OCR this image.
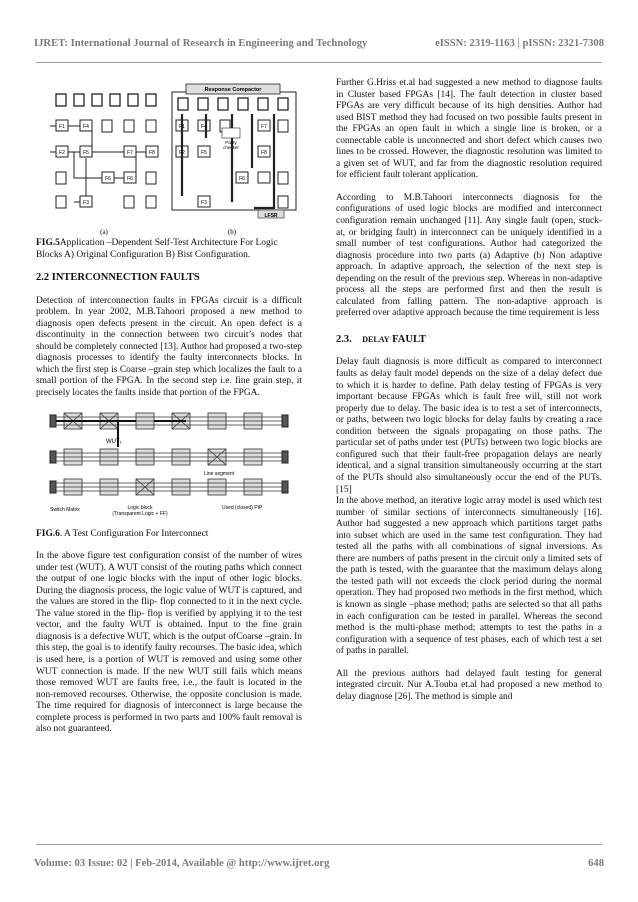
IJRET: International Journal of Research in Engineering and Technology	eISSN: 2319-1163 | pISSN: 2321-7308
F1	F4
F2	F5	F7	F8
F6	F6
F3
Response Compactor
Parity
checker
LFSR
F1	F4	F7
F2	F5	F8
F6
F3
(a)	(b)

FIG.5Application –Dependent Self-Test Architecture For Logic Blocks A) Original Configuration B) Bist Configuration.

2.2 INTERCONNECTION FAULTS

Detection of interconnection faults in FPGAs circuit is a difficult problem. In year 2002, M.B.Tahoori proposed a new method to diagnosis open defects present in the circuit. An open defect is a discontinuity in the connection between two circuit’s nodes that should be completely connected [13]. Author had proposed a two-step diagnosis processes to identify the faulty interconnects blocks. In which the first step is Coarse –grain step which localizes the fault to a small portion of the FPGA. In the second step i.e. fine grain step, it precisely locates the faults inside that portion of the FPGA.

WUT₁
Line segment
Switch Matrix	Logic block
(Transparent Logic + FF)
Used (closed) PIP

FIG.6. A Test Configuration For Interconnect

In the above figure test configuration consist of the number of wires under test (WUT). A WUT consist of the routing paths which connect the output of one logic blocks with the input of other logic blocks. During the diagnosis process, the logic value of WUT is captured, and the values are stored in the flip- flop connected to it in the next cycle. The value stored in the flip- flop is verified by applying it to the test vector, and the faulty WUT is obtained. Input to the fine grain diagnosis is a defective WUT, which is the output ofCoarse –grain. In this step, the goal is to identify faulty recourses. The basic idea, which is used here, is a portion of WUT is removed and using some other WUT connection is made. If the new WUT still fails which means those removed WUT are faults free, i.e., the fault is located in the non-removed recourses. Otherwise, the opposite conclusion is made. The time required for diagnosis of interconnect is large because the complete process is performed in two parts and 100% fault removal is also not guaranteed.

Further G.Hriss et.al had suggested a new method to diagnose faults in Cluster based FPGAs [14]. The fault detection in cluster based FPGAs are very difficult because of its high densities. Author had used BIST method they had focused on two possible faults present in the FPGAs an open fault in which a single line is broken, or a connectable cable is unconnected and short defect which causes two lines to be crossed. However, the diagnostic resolution was limited to a given set of WUT, and far from the diagnostic resolution required for efficient fault tolerant application.

According to M.B.Tahoori interconnects diagnosis for the configurations of used logic blocks are modified and interconnect configuration remain unchanged [11]. Any single fault (open, stuck-at, or bridging fault) in interconnect can be uniquely identified in a small number of test configurations. Author had categorized the diagnosis procedure into two parts (a) Adaptive (b) Non adaptive approach. In adaptive approach, the selection of the next step is depending on the result of the previous step. Whereas in non-adaptive process all the steps are performed first and then the result is calculated from falling pattern. The non-adaptive approach is preferred over adaptive approach because the time requirement is less

2.3. DELAY FAULT

Delay fault diagnosis is more difficult as compared to interconnect faults as delay fault model depends on the size of a delay defect due to which it is harder to define. Path delay testing of FPGAs is very important because FPGAs which is fault free will, still not work properly due to delay. The basic idea is to test a set of interconnects, or paths, between two logic blocks for delay faults by creating a race condition between the signals propagating on those paths. The particular set of paths under test (PUTs) between two logic blocks are configured such that their fault-free propagation delays are nearly identical, and a signal transition simultaneously occurring at the start of the PUTs should also simultaneously occur the end of the PUTs. [15]

In the above method, an iterative logic array model is used which test number of similar sections of interconnects simultaneously [16]. Author had suggested a new approach which partitions target paths into subset which are used in the same test configuration. They had tested all the paths with all combinations of signal inversions. As there are numbers of paths present in the circuit only a limited sets of the path is tested, with the guarantee that the maximum delays along the tested path will not exceeds the clock period during the normal operation. They had proposed two methods in the first method, which is known as single –phase method; paths are selected so that all paths in each configuration can be tested in parallel. Whereas the second method is the multi-phase method; attempts to test the paths in a configuration with a sequence of test phases, each of which test a set of paths in parallel.

All the previous authors had delayed fault testing for general integrated circuit. Nur A.Touba et.al had proposed a new method to delay diagnose [26]. The method is simple and

Volume: 03 Issue: 02 | Feb-2014, Available @ http://www.ijret.org	648
